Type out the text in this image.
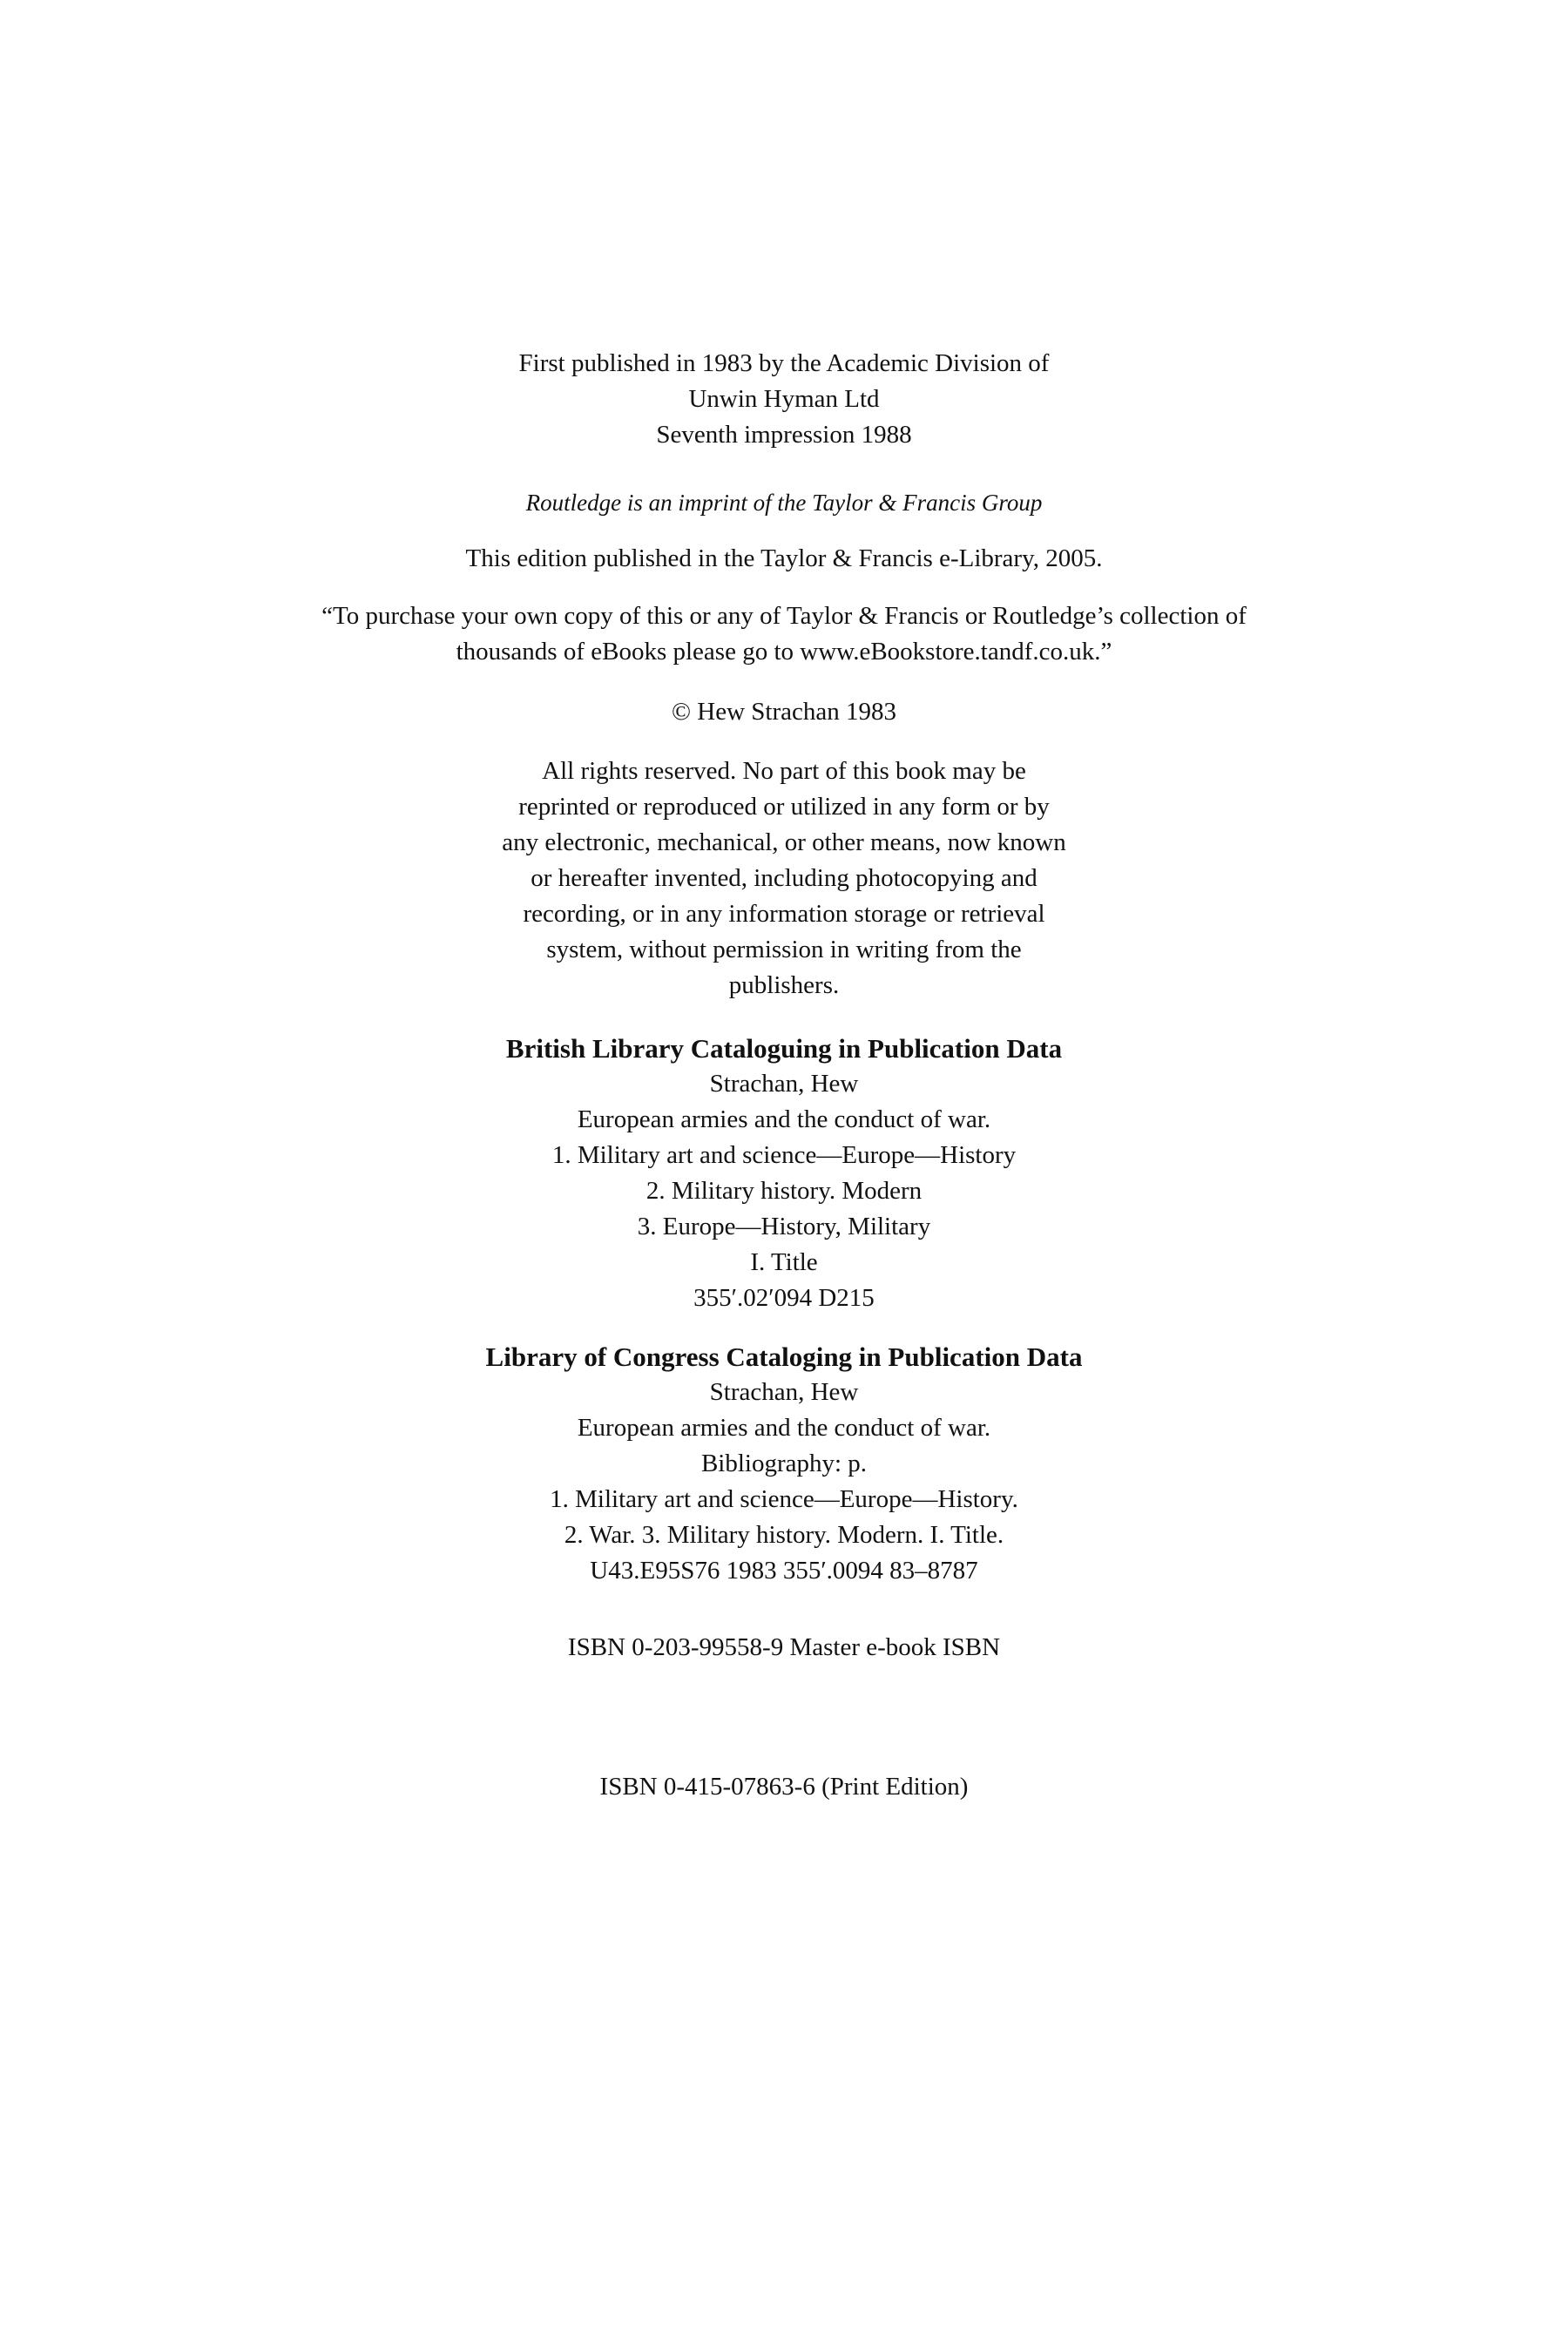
First published in 1983 by the Academic Division of
Unwin Hyman Ltd
Seventh impression 1988
Routledge is an imprint of the Taylor & Francis Group
This edition published in the Taylor & Francis e-Library, 2005.
“To purchase your own copy of this or any of Taylor & Francis or Routledge’s collection of
thousands of eBooks please go to www.eBookstore.tandf.co.uk.”
© Hew Strachan 1983
All rights reserved. No part of this book may be
reprinted or reproduced or utilized in any form or by
any electronic, mechanical, or other means, now known
or hereafter invented, including photocopying and
recording, or in any information storage or retrieval
system, without permission in writing from the
publishers.
British Library Cataloguing in Publication Data
Strachan, Hew
European armies and the conduct of war.
1. Military art and science—Europe—History
2. Military history. Modern
3. Europe—History, Military
I. Title
355′.02′094 D215
Library of Congress Cataloging in Publication Data
Strachan, Hew
European armies and the conduct of war.
Bibliography: p.
1. Military art and science—Europe—History.
2. War. 3. Military history. Modern. I. Title.
U43.E95S76 1983 355′.0094 83–8787
ISBN 0-203-99558-9 Master e-book ISBN
ISBN 0-415-07863-6 (Print Edition)
